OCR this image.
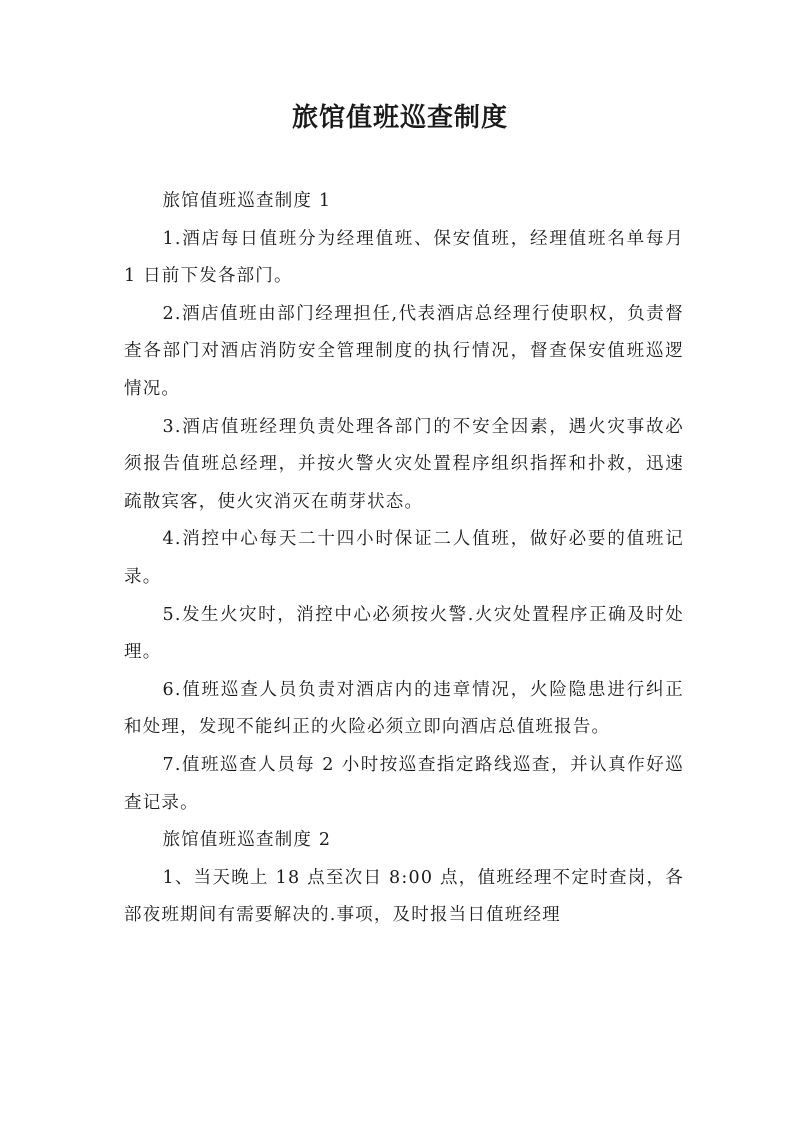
旅馆值班巡查制度

旅馆值班巡查制度 1

1.酒店每日值班分为经理值班、保安值班，经理值班名单每月 1 日前下发各部门。

2.酒店值班由部门经理担任,代表酒店总经理行使职权，负责督查各部门对酒店消防安全管理制度的执行情况，督查保安值班巡逻情况。

3.酒店值班经理负责处理各部门的不安全因素，遇火灾事故必须报告值班总经理，并按火警火灾处置程序组织指挥和扑救，迅速疏散宾客，使火灾消灭在萌芽状态。

4.消控中心每天二十四小时保证二人值班，做好必要的值班记录。

5.发生火灾时，消控中心必须按火警.火灾处置程序正确及时处理。

6.值班巡查人员负责对酒店内的违章情况，火险隐患进行纠正和处理，发现不能纠正的火险必须立即向酒店总值班报告。

7.值班巡查人员每 2 小时按巡查指定路线巡查，并认真作好巡查记录。

旅馆值班巡查制度 2

1、当天晚上 18 点至次日 8:00 点，值班经理不定时查岗，各部夜班期间有需要解决的.事项，及时报当日值班经理
